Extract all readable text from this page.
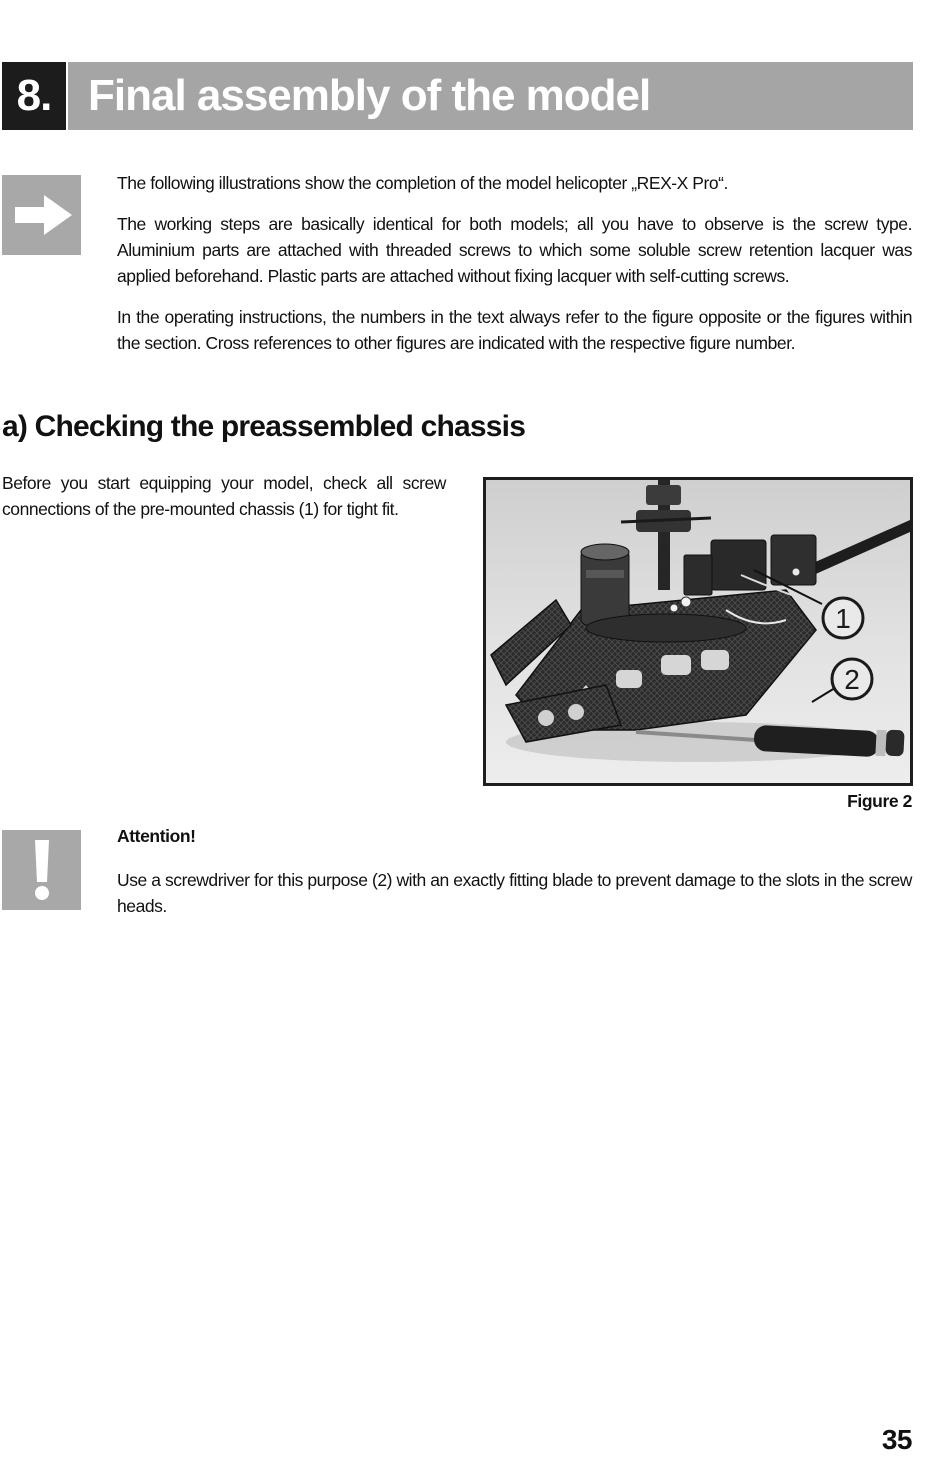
8. Final assembly of the model

The following illustrations show the completion of the model helicopter „REX-X Pro“.

The working steps are basically identical for both models; all you have to observe is the screw type. Aluminium parts are attached with threaded screws to which some soluble screw retention lacquer was applied beforehand. Plastic parts are attached without fixing lacquer with self-cutting screws.

In the operating instructions, the numbers in the text always refer to the figure opposite or the figures within the section. Cross references to other figures are indicated with the respective figure number.

a) Checking the preassembled chassis

Before you start equipping your model, check all screw connections of the pre-mounted chassis (1) for tight fit.

1
2
Figure 2

Attention!

Use a screwdriver for this purpose (2) with an exactly fitting blade to prevent damage to the slots in the screw heads.

35
